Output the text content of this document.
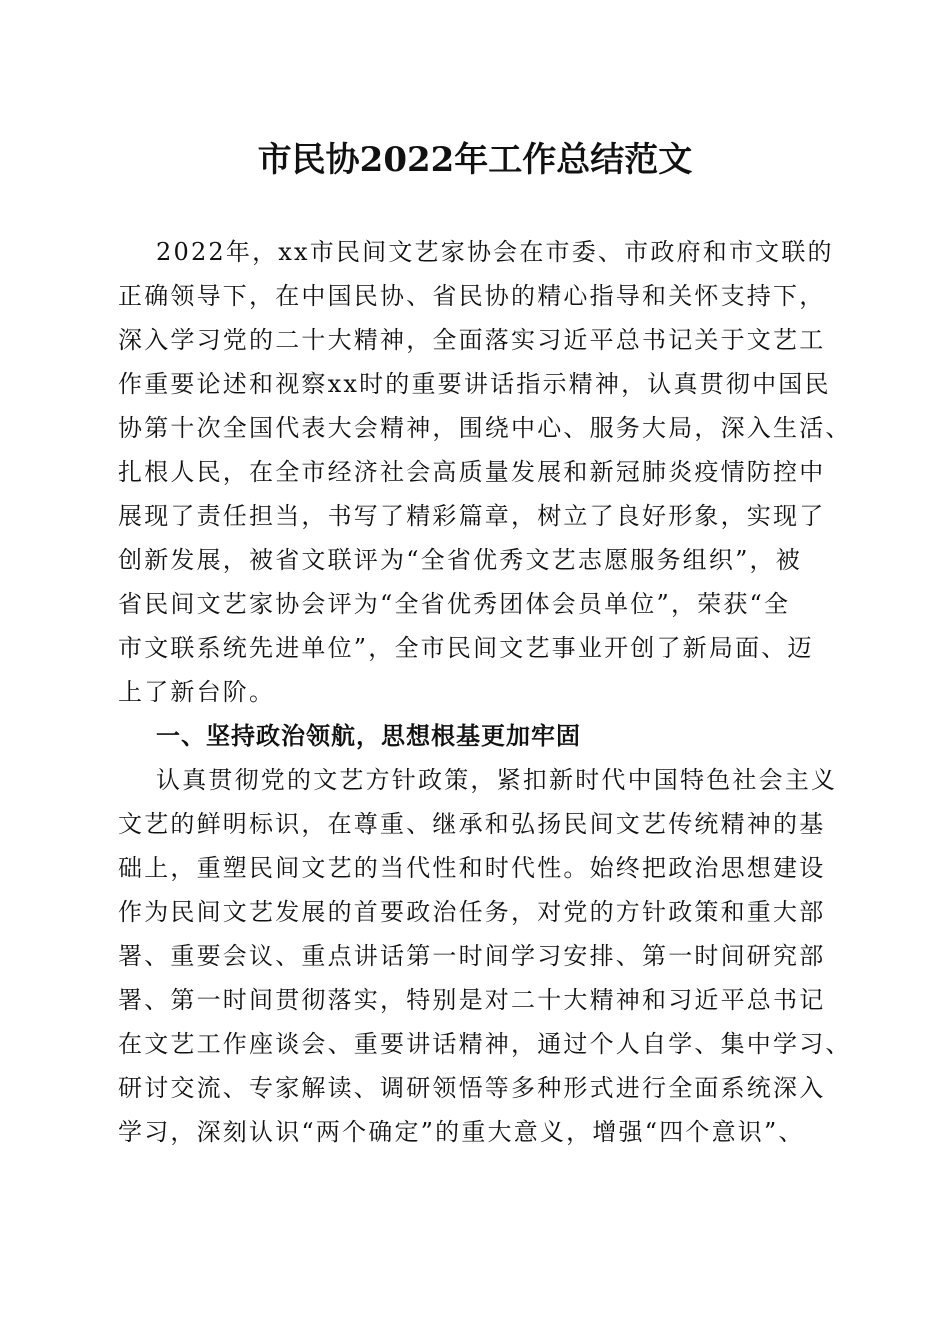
市民协2022年工作总结范文
2022年，xx市民间文艺家协会在市委、市政府和市文联的
正确领导下，在中国民协、省民协的精心指导和关怀支持下，
深入学习党的二十大精神，全面落实习近平总书记关于文艺工
作重要论述和视察xx时的重要讲话指示精神，认真贯彻中国民
协第十次全国代表大会精神，围绕中心、服务大局，深入生活、
扎根人民，在全市经济社会高质量发展和新冠肺炎疫情防控中
展现了责任担当，书写了精彩篇章，树立了良好形象，实现了
创新发展，被省文联评为“全省优秀文艺志愿服务组织”，被
省民间文艺家协会评为“全省优秀团体会员单位”，荣获“全
市文联系统先进单位”，全市民间文艺事业开创了新局面、迈
上了新台阶。
一、坚持政治领航，思想根基更加牢固
认真贯彻党的文艺方针政策，紧扣新时代中国特色社会主义
文艺的鲜明标识，在尊重、继承和弘扬民间文艺传统精神的基
础上，重塑民间文艺的当代性和时代性。始终把政治思想建设
作为民间文艺发展的首要政治任务，对党的方针政策和重大部
署、重要会议、重点讲话第一时间学习安排、第一时间研究部
署、第一时间贯彻落实，特别是对二十大精神和习近平总书记
在文艺工作座谈会、重要讲话精神，通过个人自学、集中学习、
研讨交流、专家解读、调研领悟等多种形式进行全面系统深入
学习，深刻认识“两个确定”的重大意义，增强“四个意识”、
